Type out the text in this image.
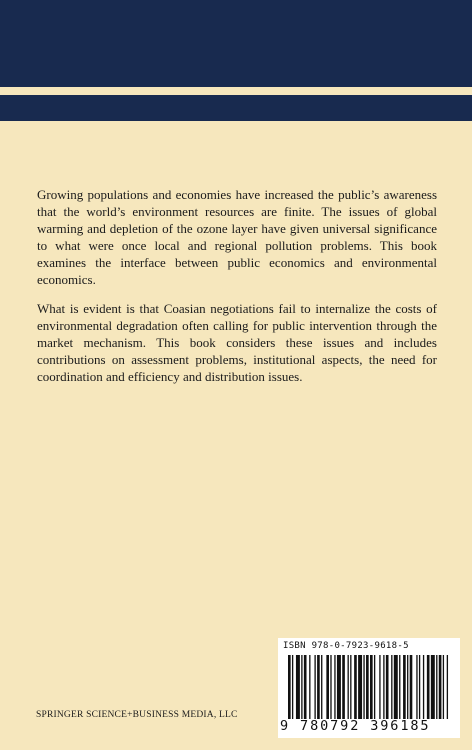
Growing populations and economies have increased the public’s awareness that the world’s environment resources are finite. The issues of global warming and depletion of the ozone layer have given universal significance to what were once local and regional pollution problems. This book examines the interface between public economics and environmental economics.

What is evident is that Coasian negotiations fail to internalize the costs of environmental degradation often calling for public intervention through the market mechanism. This book considers these issues and includes contributions on assessment problems, institutional aspects, the need for coordination and efficiency and distribution issues.

SPRINGER SCIENCE+BUSINESS MEDIA, LLC
ISBN 978-0-7923-9618-5
9 780792 396185
